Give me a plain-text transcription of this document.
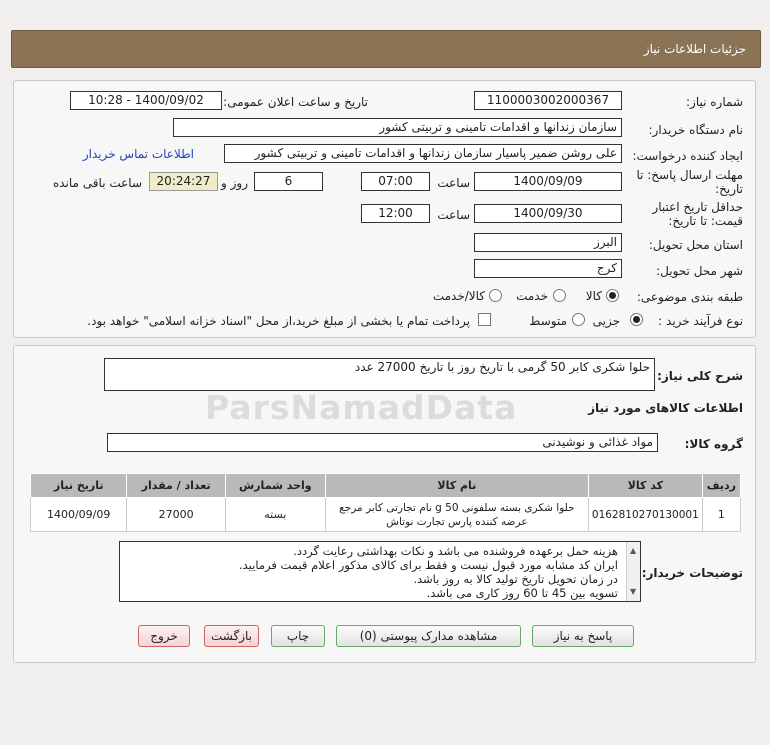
جزئیات اطلاعات نیاز
شماره نیاز:
1100003002000367
تاریخ و ساعت اعلان عمومی:
1400/09/02 - 10:28
نام دستگاه خریدار:
سازمان زندانها و اقدامات تامینی و تربیتی کشور
ایجاد کننده درخواست:
علی روشن ضمیر پاسیار سازمان زندانها و اقدامات تامینی و تربیتی کشور
اطلاعات تماس خریدار
مهلت ارسال پاسخ: تا
تاریخ:
1400/09/09
ساعت
07:00
6
روز و
20:24:27
ساعت باقی مانده
حداقل تاریخ اعتبار
قیمت: تا تاریخ:
1400/09/30
ساعت
12:00
استان محل تحویل:
البرز
شهر محل تحویل:
کرج
طبقه بندی موضوعی:
کالا
خدمت
کالا/خدمت
نوع فرآیند خرید :
جزیی
متوسط
پرداخت تمام یا بخشی از مبلغ خرید،از محل "اسناد خزانه اسلامی" خواهد بود.
شرح کلی نیاز:
حلوا شکری کابر 50 گرمی با تاریخ روز با تاریخ 27000 عدد
ParsNamadData	اطلاعات کالاهای مورد نیاز
گروه کالا:
مواد غذائی و نوشیدنی
ردیف	کد کالا	نام کالا	واحد شمارش	تعداد / مقدار	تاریخ نیاز
1	0162810270130001	حلوا شکری بسته سلفونی 50 g نام تجارتی کابر مرجع عرضه کننده پارس تجارت نوتاش	بسته	27000	1400/09/09
توضیحات خریدار:
هزینه حمل برعهده فروشنده می باشد و نکات بهداشتی رعایت گردد.
ایران کد مشابه مورد قبول نیست و فقط برای کالای مذکور اعلام قیمت فرمایید.
در زمان تحویل تاریخ تولید کالا به روز باشد.
تسویه بین 45 تا 60 روز کاری می باشد.
▲
▼
پاسخ به نیاز
مشاهده مدارک پیوستی (0)
چاپ
بازگشت
خروج
